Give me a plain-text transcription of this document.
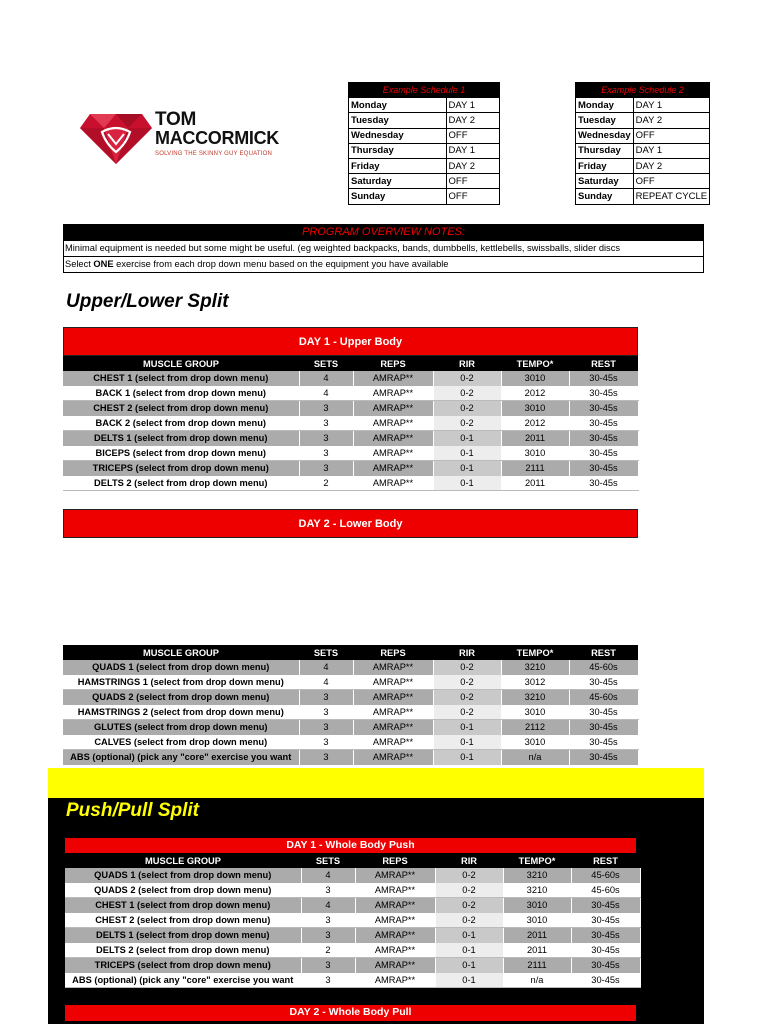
TOM
MACCORMICK
SOLVING THE SKINNY GUY EQUATION
Example Schedule 1	
Monday	DAY 1
Tuesday	DAY 2
Wednesday	OFF
Thursday	DAY 1
Friday	DAY 2
Saturday	OFF
Sunday	OFF
Example Schedule 2	
Monday	DAY 1
Tuesday	DAY 2
Wednesday	OFF
Thursday	DAY 1
Friday	DAY 2
Saturday	OFF
Sunday	REPEAT CYCLE
PROGRAM OVERVIEW NOTES:
Minimal equipment is needed but some might be useful. (eg weighted backpacks, bands, dumbbells, kettlebells, swissballs, slider discs
Select ONE exercise from each drop down menu based on the equipment you have available
Upper/Lower Split
DAY 1 - Upper Body
MUSCLE GROUP	SETS	REPS	RIR	TEMPO*	REST
CHEST 1 (select from drop down menu)	4	AMRAP**	0-2	3010	30-45s
BACK 1 (select from drop down menu)	4	AMRAP**	0-2	2012	30-45s
CHEST 2 (select from drop down menu)	3	AMRAP**	0-2	3010	30-45s
BACK 2 (select from drop down menu)	3	AMRAP**	0-2	2012	30-45s
DELTS 1 (select from drop down menu)	3	AMRAP**	0-1	2011	30-45s
BICEPS (select from drop down menu)	3	AMRAP**	0-1	3010	30-45s
TRICEPS (select from drop down menu)	3	AMRAP**	0-1	2111	30-45s
DELTS 2 (select from drop down menu)	2	AMRAP**	0-1	2011	30-45s
DAY 2 - Lower Body
MUSCLE GROUP	SETS	REPS	RIR	TEMPO*	REST
QUADS 1 (select from drop down menu)	4	AMRAP**	0-2	3210	45-60s
HAMSTRINGS 1 (select from drop down menu)	4	AMRAP**	0-2	3012	30-45s
QUADS 2 (select from drop down menu)	3	AMRAP**	0-2	3210	45-60s
HAMSTRINGS 2 (select from drop down menu)	3	AMRAP**	0-2	3010	30-45s
GLUTES (select from drop down menu)	3	AMRAP**	0-1	2112	30-45s
CALVES (select from drop down menu)	3	AMRAP**	0-1	3010	30-45s
ABS (optional) (pick any "core" exercise you want	3	AMRAP**	0-1	n/a	30-45s
Push/Pull Split
DAY 1 - Whole Body Push
MUSCLE GROUP	SETS	REPS	RIR	TEMPO*	REST
QUADS 1 (select from drop down menu)	4	AMRAP**	0-2	3210	45-60s
QUADS 2 (select from drop down menu)	3	AMRAP**	0-2	3210	45-60s
CHEST 1 (select from drop down menu)	4	AMRAP**	0-2	3010	30-45s
CHEST 2 (select from drop down menu)	3	AMRAP**	0-2	3010	30-45s
DELTS 1 (select from drop down menu)	3	AMRAP**	0-1	2011	30-45s
DELTS 2 (select from drop down menu)	2	AMRAP**	0-1	2011	30-45s
TRICEPS (select from drop down menu)	3	AMRAP**	0-1	2111	30-45s
ABS (optional) (pick any "core" exercise you want	3	AMRAP**	0-1	n/a	30-45s
DAY 2 - Whole Body Pull
